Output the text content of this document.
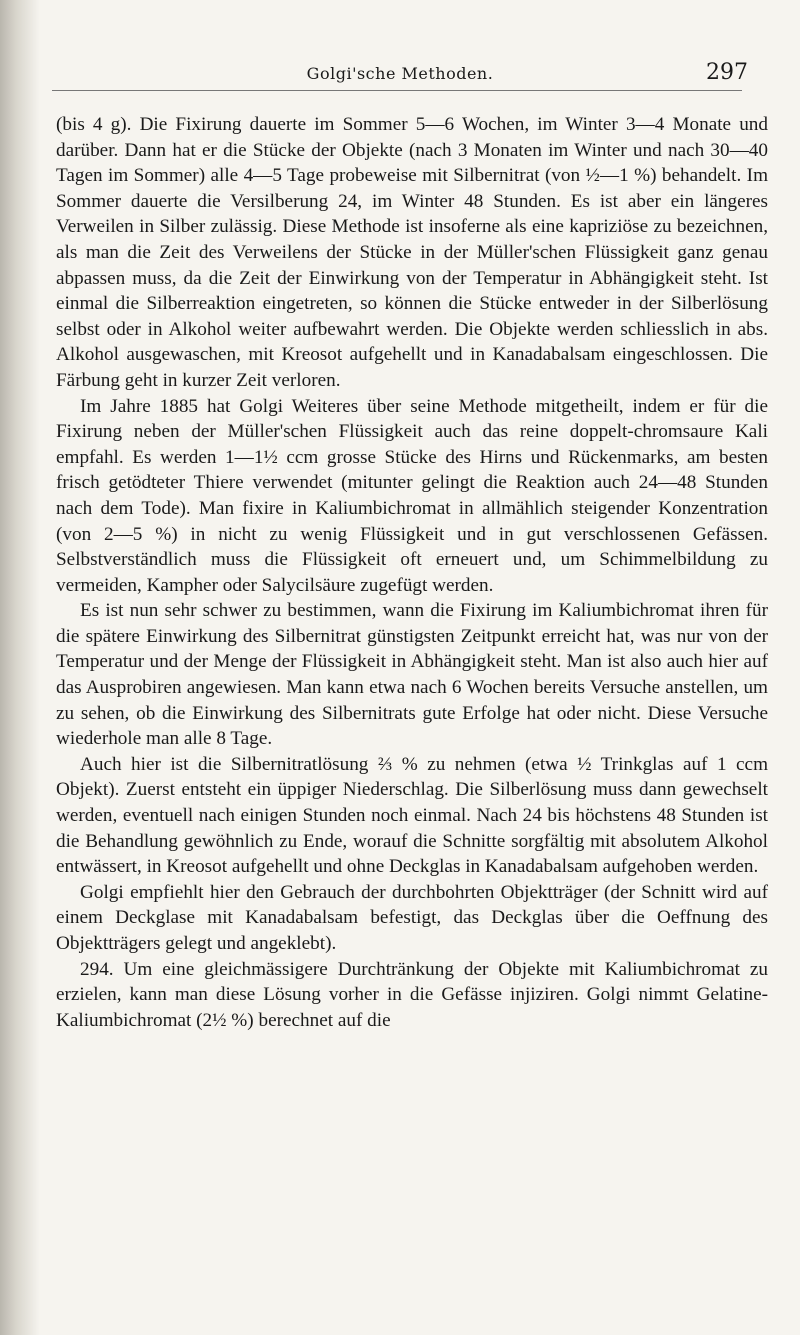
Golgi'sche Methoden.	297

(bis 4 g). Die Fixirung dauerte im Sommer 5—6 Wochen, im Winter 3—4 Monate und darüber. Dann hat er die Stücke der Objekte (nach 3 Monaten im Winter und nach 30—40 Tagen im Sommer) alle 4—5 Tage probeweise mit Silbernitrat (von ½—1 %) behandelt. Im Sommer dauerte die Versilberung 24, im Winter 48 Stunden. Es ist aber ein längeres Verweilen in Silber zulässig. Diese Methode ist insoferne als eine kapriziöse zu bezeichnen, als man die Zeit des Verweilens der Stücke in der Müller'schen Flüssigkeit ganz genau abpassen muss, da die Zeit der Einwirkung von der Temperatur in Abhängigkeit steht. Ist einmal die Silberreaktion eingetreten, so können die Stücke entweder in der Silberlösung selbst oder in Alkohol weiter aufbewahrt werden. Die Objekte werden schliesslich in abs. Alkohol ausgewaschen, mit Kreosot aufgehellt und in Kanadabalsam eingeschlossen. Die Färbung geht in kurzer Zeit verloren.

Im Jahre 1885 hat Golgi Weiteres über seine Methode mitgetheilt, indem er für die Fixirung neben der Müller'schen Flüssigkeit auch das reine doppelt-chromsaure Kali empfahl. Es werden 1—1½ ccm grosse Stücke des Hirns und Rückenmarks, am besten frisch getödteter Thiere verwendet (mitunter gelingt die Reaktion auch 24—48 Stunden nach dem Tode). Man fixire in Kaliumbichromat in allmählich steigender Konzentration (von 2—5 %) in nicht zu wenig Flüssigkeit und in gut verschlossenen Gefässen. Selbstverständlich muss die Flüssigkeit oft erneuert und, um Schimmelbildung zu vermeiden, Kampher oder Salycilsäure zugefügt werden.

Es ist nun sehr schwer zu bestimmen, wann die Fixirung im Kaliumbichromat ihren für die spätere Einwirkung des Silbernitrat günstigsten Zeitpunkt erreicht hat, was nur von der Temperatur und der Menge der Flüssigkeit in Abhängigkeit steht. Man ist also auch hier auf das Ausprobiren angewiesen. Man kann etwa nach 6 Wochen bereits Versuche anstellen, um zu sehen, ob die Einwirkung des Silbernitrats gute Erfolge hat oder nicht. Diese Versuche wiederhole man alle 8 Tage.

Auch hier ist die Silbernitratlösung ⅔ % zu nehmen (etwa ½ Trinkglas auf 1 ccm Objekt). Zuerst entsteht ein üppiger Niederschlag. Die Silberlösung muss dann gewechselt werden, eventuell nach einigen Stunden noch einmal. Nach 24 bis höchstens 48 Stunden ist die Behandlung gewöhnlich zu Ende, worauf die Schnitte sorgfältig mit absolutem Alkohol entwässert, in Kreosot aufgehellt und ohne Deckglas in Kanadabalsam aufgehoben werden.

Golgi empfiehlt hier den Gebrauch der durchbohrten Objektträger (der Schnitt wird auf einem Deckglase mit Kanadabalsam befestigt, das Deckglas über die Oeffnung des Objektträgers gelegt und angeklebt).

294. Um eine gleichmässigere Durchtränkung der Objekte mit Kaliumbichromat zu erzielen, kann man diese Lösung vorher in die Gefässe injiziren. Golgi nimmt Gelatine-Kaliumbichromat (2½ %) berechnet auf die
